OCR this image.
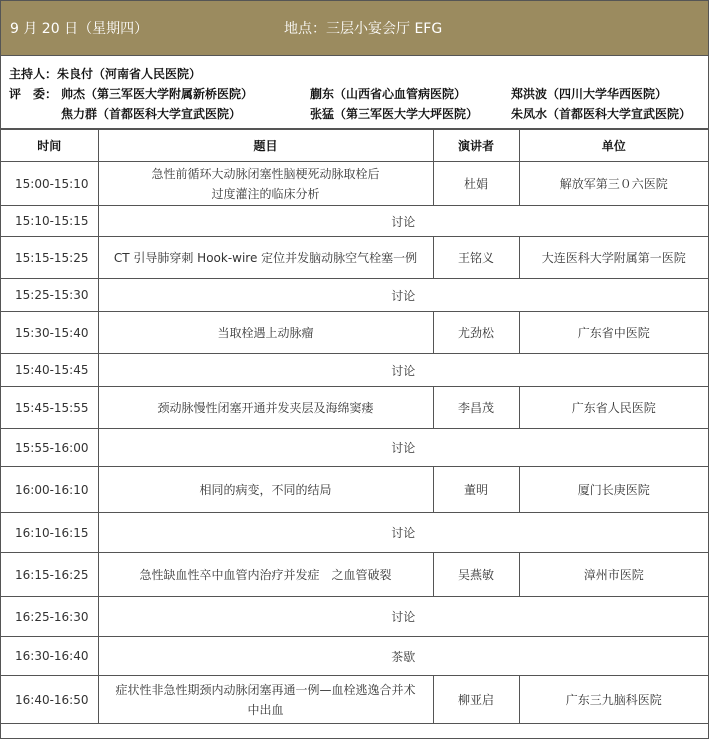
9 月 20 日（星期四）	地点：三层小宴会厅 EFG
主持人：朱良付（河南省人民医院）
评　委： 帅杰（第三军医大学附属新桥医院）	蒯东（山西省心血管病医院）	郑洪波（四川大学华西医院）
焦力群（首都医科大学宣武医院）	张猛（第三军医大学大坪医院）	朱凤水（首都医科大学宣武医院）
时间	题目	演讲者	单位
15:00-15:10	急性前循环大动脉闭塞性脑梗死动脉取栓后
过度灌注的临床分析	杜娟	解放军第三０六医院
15:10-15:15	讨论		
15:15-15:25	CT 引导肺穿刺 Hook-wire 定位并发脑动脉空气栓塞一例	王铭义	大连医科大学附属第一医院
15:25-15:30	讨论		
15:30-15:40	当取栓遇上动脉瘤	尤劲松	广东省中医院
15:40-15:45	讨论		
15:45-15:55	颈动脉慢性闭塞开通并发夹层及海绵窦瘘	李昌茂	广东省人民医院
15:55-16:00	讨论		
16:00-16:10	相同的病变，不同的结局	董明	厦门长庚医院
16:10-16:15	讨论		
16:15-16:25	急性缺血性卒中血管内治疗并发症　之血管破裂	吴燕敏	漳州市医院
16:25-16:30	讨论		
16:30-16:40	茶歇		
16:40-16:50	症状性非急性期颈内动脉闭塞再通一例—血栓逃逸合并术
中出血	柳亚启	广东三九脑科医院
